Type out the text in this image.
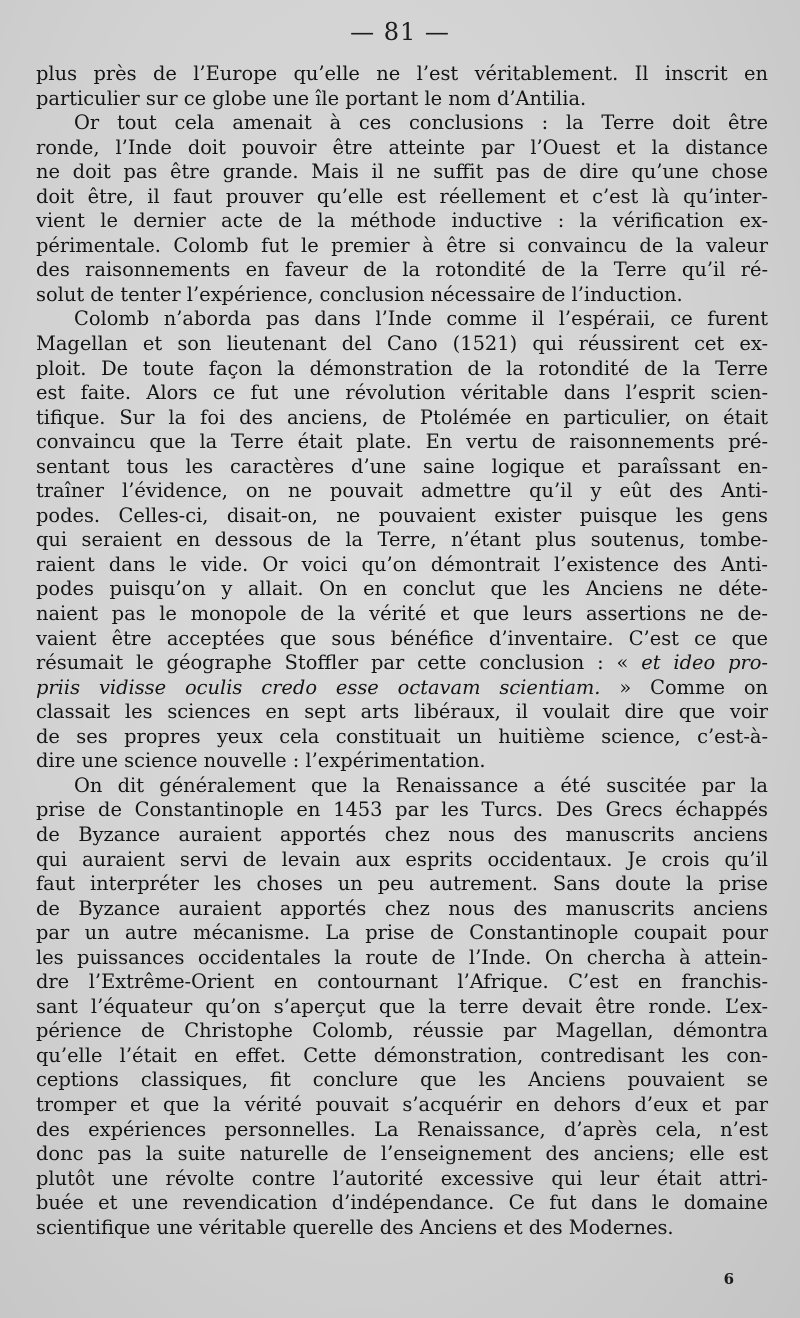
— 81 —
plus près de l’Europe qu’elle ne l’est véritablement. Il inscrit en
particulier sur ce globe une île portant le nom d’Antilia.
Or tout cela amenait à ces conclusions : la Terre doit être
ronde, l’Inde doit pouvoir être atteinte par l’Ouest et la distance
ne doit pas être grande. Mais il ne suffit pas de dire qu’une chose
doit être, il faut prouver qu’elle est réellement et c’est là qu’inter-
vient le dernier acte de la méthode inductive : la vérification ex-
périmentale. Colomb fut le premier à être si convaincu de la valeur
des raisonnements en faveur de la rotondité de la Terre qu’il ré-
solut de tenter l’expérience, conclusion nécessaire de l’induction.
Colomb n’aborda pas dans l’Inde comme il l’espéraii, ce furent
Magellan et son lieutenant del Cano (1521) qui réussirent cet ex-
ploit. De toute façon la démonstration de la rotondité de la Terre
est faite. Alors ce fut une révolution véritable dans l’esprit scien-
tifique. Sur la foi des anciens, de Ptolémée en particulier, on était
convaincu que la Terre était plate. En vertu de raisonnements pré-
sentant tous les caractères d’une saine logique et paraîssant en-
traîner l’évidence, on ne pouvait admettre qu’il y eût des Anti-
podes. Celles-ci, disait-on, ne pouvaient exister puisque les gens
qui seraient en dessous de la Terre, n’étant plus soutenus, tombe-
raient dans le vide. Or voici qu’on démontrait l’existence des Anti-
podes puisqu’on y allait. On en conclut que les Anciens ne déte-
naient pas le monopole de la vérité et que leurs assertions ne de-
vaient être acceptées que sous bénéfice d’inventaire. C’est ce que
résumait le géographe Stoffler par cette conclusion : « et ideo pro-
priis vidisse oculis credo esse octavam scientiam. » Comme on
classait les sciences en sept arts libéraux, il voulait dire que voir
de ses propres yeux cela constituait un huitième science, c’est-à-
dire une science nouvelle : l’expérimentation.
On dit généralement que la Renaissance a été suscitée par la
prise de Constantinople en 1453 par les Turcs. Des Grecs échappés
de Byzance auraient apportés chez nous des manuscrits anciens
qui auraient servi de levain aux esprits occidentaux. Je crois qu’il
faut interpréter les choses un peu autrement. Sans doute la prise
de Byzance auraient apportés chez nous des manuscrits anciens
par un autre mécanisme. La prise de Constantinople coupait pour
les puissances occidentales la route de l’Inde. On chercha à attein-
dre l’Extrême-Orient en contournant l’Afrique. C’est en franchis-
sant l’équateur qu’on s’aperçut que la terre devait être ronde. L’ex-
périence de Christophe Colomb, réussie par Magellan, démontra
qu’elle l’était en effet. Cette démonstration, contredisant les con-
ceptions classiques, fit conclure que les Anciens pouvaient se
tromper et que la vérité pouvait s’acquérir en dehors d’eux et par
des expériences personnelles. La Renaissance, d’après cela, n’est
donc pas la suite naturelle de l’enseignement des anciens; elle est
plutôt une révolte contre l’autorité excessive qui leur était attri-
buée et une revendication d’indépendance. Ce fut dans le domaine
scientifique une véritable querelle des Anciens et des Modernes.
6
